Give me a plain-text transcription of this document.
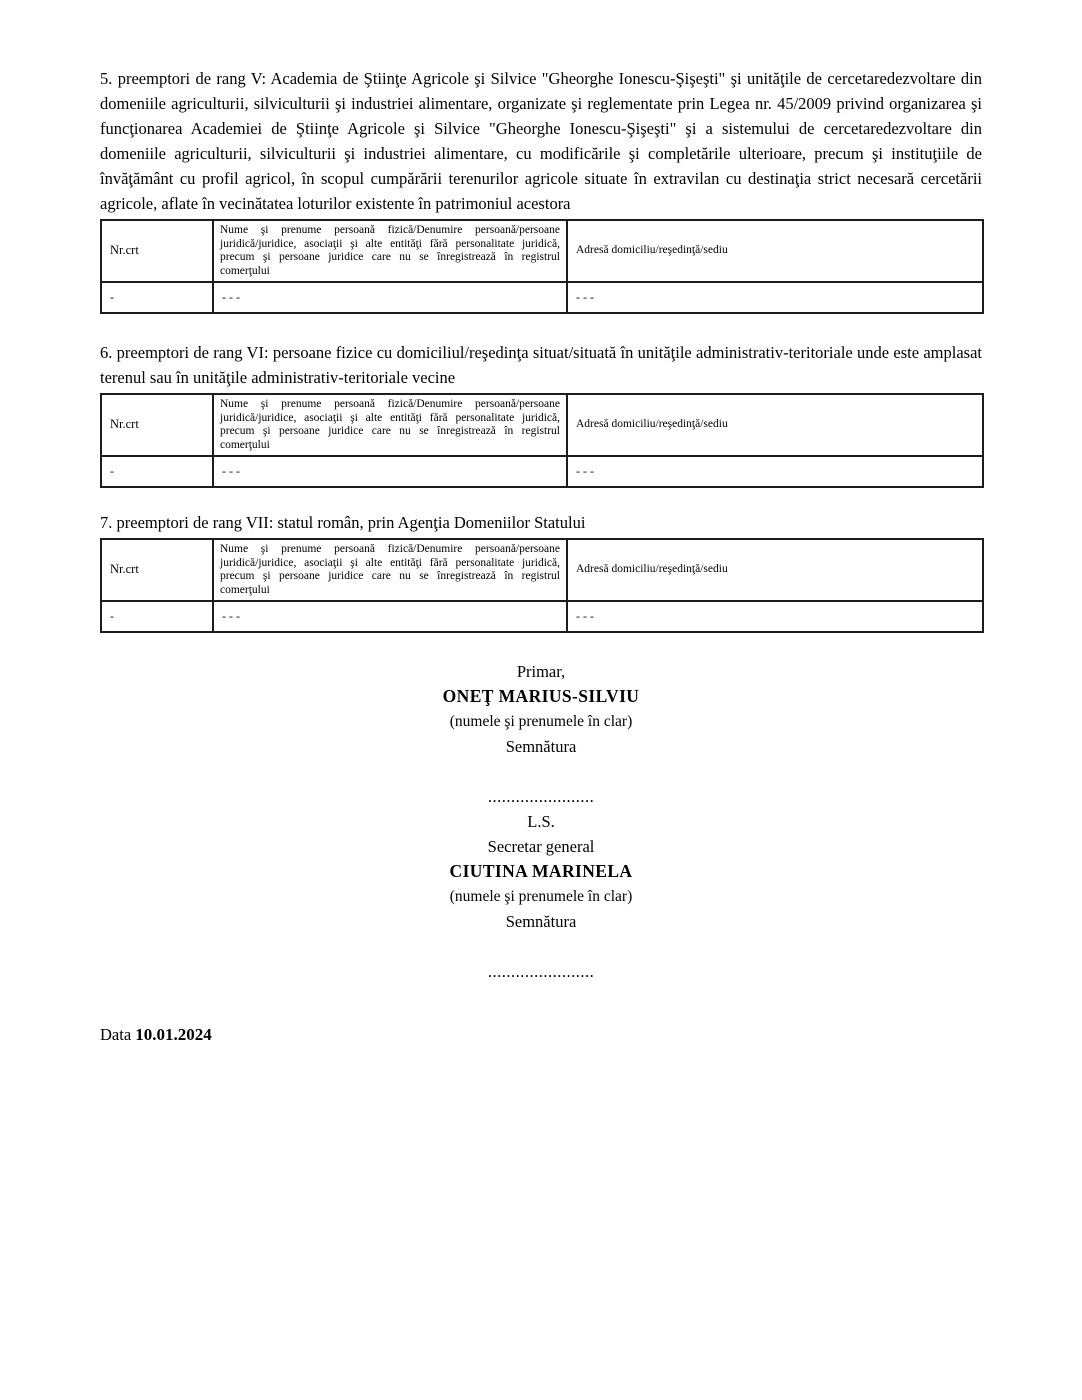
5. preemptori de rang V: Academia de Ştiinţe Agricole şi Silvice "Gheorghe Ionescu-Şişeşti" şi unităţile de cercetaredezvoltare din domeniile agriculturii, silviculturii şi industriei alimentare, organizate şi reglementate prin Legea nr. 45/2009 privind organizarea şi funcţionarea Academiei de Ştiinţe Agricole şi Silvice "Gheorghe Ionescu-Şişeşti" şi a sistemului de cercetaredezvoltare din domeniile agriculturii, silviculturii şi industriei alimentare, cu modificările şi completările ulterioare, precum şi instituţiile de învăţământ cu profil agricol, în scopul cumpărării terenurilor agricole situate în extravilan cu destinaţia strict necesară cercetării agricole, aflate în vecinătatea loturilor existente în patrimoniul acestora

Nr.crt	Nume şi prenume persoană fizică/Denumire persoană/persoane juridică/juridice, asociaţii şi alte entităţi fără personalitate juridică, precum şi persoane juridice care nu se înregistrează în registrul comerţului	Adresă domiciliu/reşedinţă/sediu
-	- - -	- - -

6. preemptori de rang VI: persoane fizice cu domiciliul/reşedinţa situat/situată în unităţile administrativ-teritoriale unde este amplasat terenul sau în unităţile administrativ-teritoriale vecine

Nr.crt	Nume şi prenume persoană fizică/Denumire persoană/persoane juridică/juridice, asociaţii şi alte entităţi fără personalitate juridică, precum şi persoane juridice care nu se înregistrează în registrul comerţului	Adresă domiciliu/reşedinţă/sediu
-	- - -	- - -

7. preemptori de rang VII: statul român, prin Agenţia Domeniilor Statului

Nr.crt	Nume şi prenume persoană fizică/Denumire persoană/persoane juridică/juridice, asociaţii şi alte entităţi fără personalitate juridică, precum şi persoane juridice care nu se înregistrează în registrul comerţului	Adresă domiciliu/reşedinţă/sediu
-	- - -	- - -
Primar,
ONEŢ MARIUS-SILVIU
(numele şi prenumele în clar)
Semnătura
.......................
L.S.
Secretar general
CIUTINA MARINELA
(numele şi prenumele în clar)
Semnătura
.......................
Data 10.01.2024
